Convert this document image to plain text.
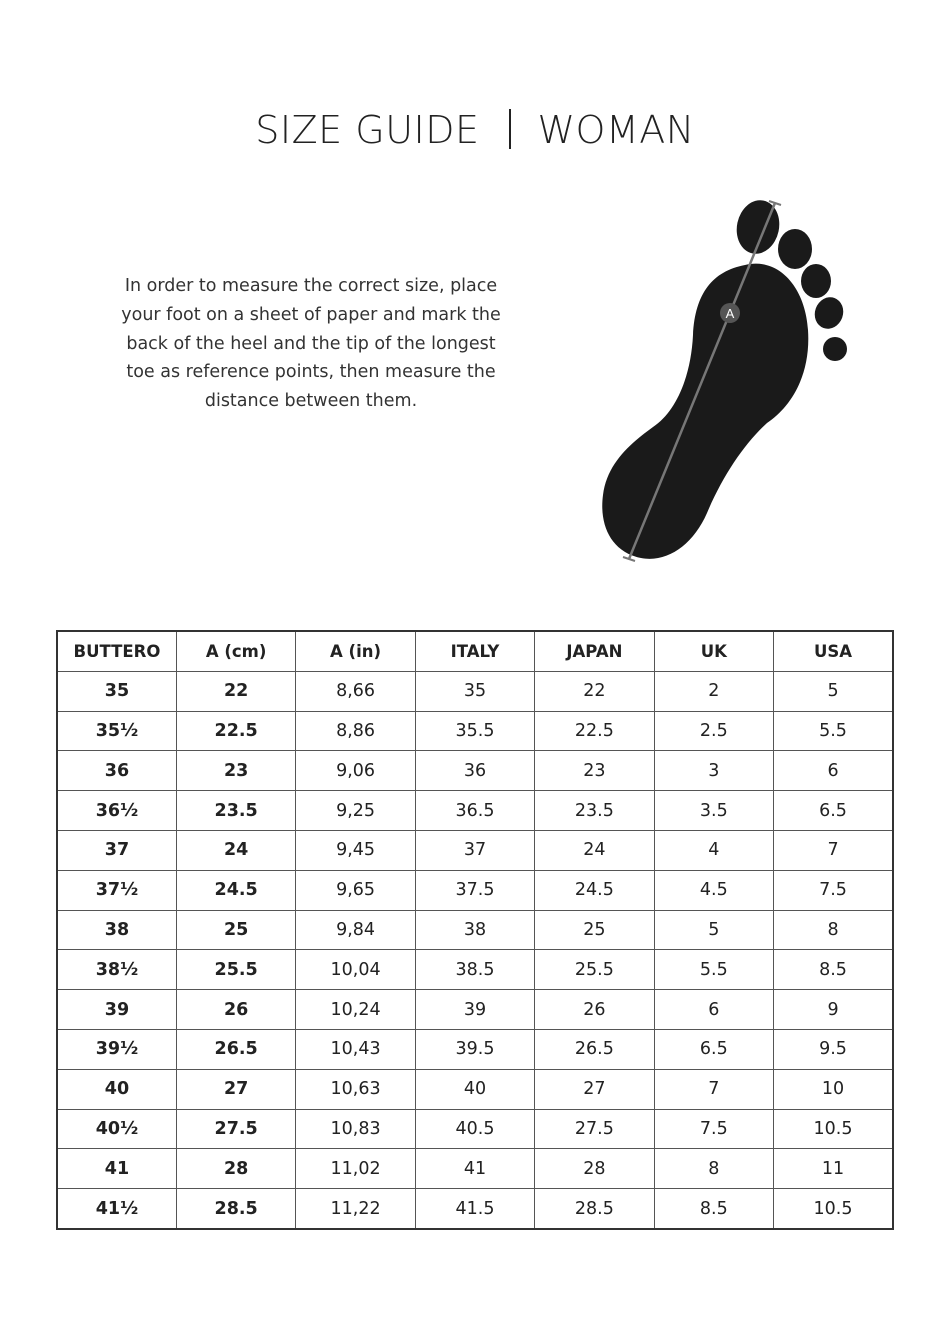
SIZE GUIDE WOMAN

In order to measure the correct size, place your foot on a sheet of paper and mark the back of the heel and the tip of the longest toe as reference points, then measure the distance between them.

A
BUTTERO	A (cm)	A (in)	ITALY	JAPAN	UK	USA
35	22	8,66	35	22	2	5
35½	22.5	8,86	35.5	22.5	2.5	5.5
36	23	9,06	36	23	3	6
36½	23.5	9,25	36.5	23.5	3.5	6.5
37	24	9,45	37	24	4	7
37½	24.5	9,65	37.5	24.5	4.5	7.5
38	25	9,84	38	25	5	8
38½	25.5	10,04	38.5	25.5	5.5	8.5
39	26	10,24	39	26	6	9
39½	26.5	10,43	39.5	26.5	6.5	9.5
40	27	10,63	40	27	7	10
40½	27.5	10,83	40.5	27.5	7.5	10.5
41	28	11,02	41	28	8	11
41½	28.5	11,22	41.5	28.5	8.5	10.5
